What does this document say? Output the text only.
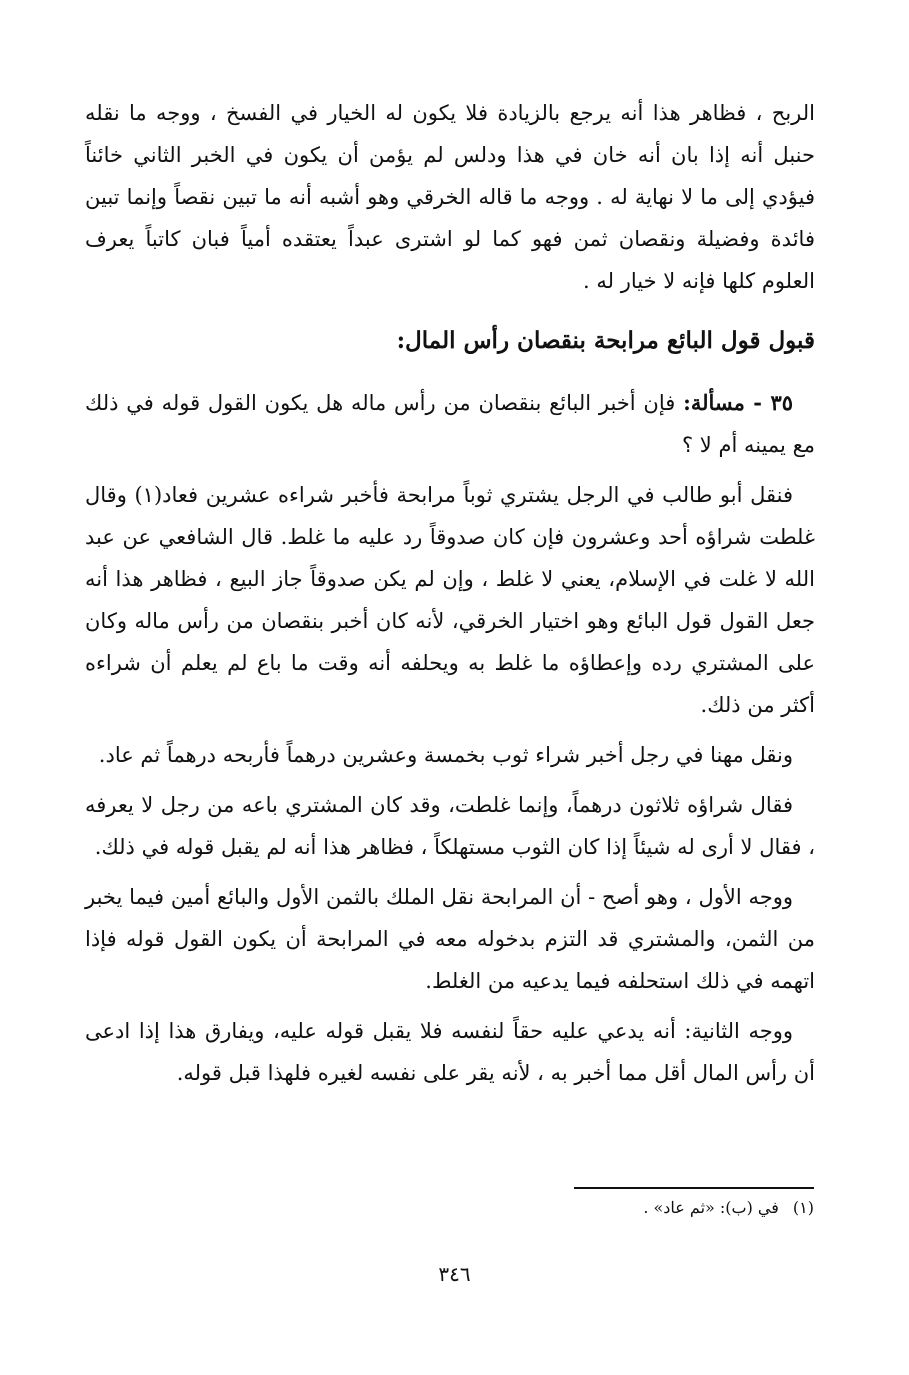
الربح ، فظاهر هذا أنه يرجع بالزيادة فلا يكون له الخيار في الفسخ ، ووجه ما نقله حنبل أنه إذا بان أنه خان في هذا ودلس لم يؤمن أن يكون في الخبر الثاني خائناً فيؤدي إلى ما لا نهاية له . ووجه ما قاله الخرقي وهو أشبه أنه ما تبين نقصاً وإنما تبين فائدة وفضيلة ونقصان ثمن فهو كما لو اشترى عبداً يعتقده أمياً فبان كاتباً يعرف العلوم كلها فإنه لا خيار له .

قبول قول البائع مرابحة بنقصان رأس المال:

٣٥ - مسألة: فإن أخبر البائع بنقصان من رأس ماله هل يكون القول قوله في ذلك مع يمينه أم لا ؟

فنقل أبو طالب في الرجل يشتري ثوباً مرابحة فأخبر شراءه عشرين فعاد(١) وقال غلطت شراؤه أحد وعشرون فإن كان صدوقاً رد عليه ما غلط. قال الشافعي عن عبد الله لا غلت في الإسلام، يعني لا غلط ، وإن لم يكن صدوقاً جاز البيع ، فظاهر هذا أنه جعل القول قول البائع وهو اختيار الخرقي، لأنه كان أخبر بنقصان من رأس ماله وكان على المشتري رده وإعطاؤه ما غلط به ويحلفه أنه وقت ما باع لم يعلم أن شراءه أكثر من ذلك.

ونقل مهنا في رجل أخبر شراء ثوب بخمسة وعشرين درهماً فأربحه درهماً ثم عاد.

فقال شراؤه ثلاثون درهماً، وإنما غلطت، وقد كان المشتري باعه من رجل لا يعرفه ، فقال لا أرى له شيئاً إذا كان الثوب مستهلكاً ، فظاهر هذا أنه لم يقبل قوله في ذلك.

ووجه الأول ، وهو أصح - أن المرابحة نقل الملك بالثمن الأول والبائع أمين فيما يخبر من الثمن، والمشتري قد التزم بدخوله معه في المرابحة أن يكون القول قوله فإذا اتهمه في ذلك استحلفه فيما يدعيه من الغلط.

ووجه الثانية: أنه يدعي عليه حقاً لنفسه فلا يقبل قوله عليه، ويفارق هذا إذا ادعى أن رأس المال أقل مما أخبر به ، لأنه يقر على نفسه لغيره فلهذا قبل قوله.

(١)في (ب): «ثم عاد» .
٣٤٦
